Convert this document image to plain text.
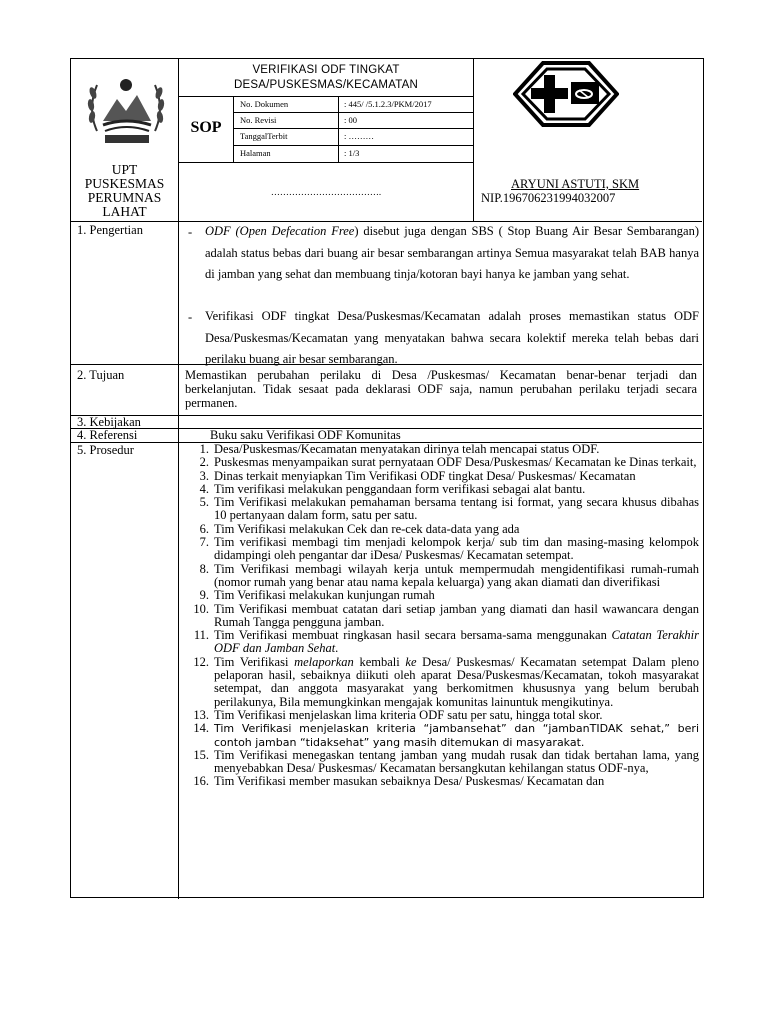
UPT
PUSKESMAS
PERUMNAS
LAHAT
VERIFIKASI ODF TINGKAT
DESA/PUSKESMAS/KECAMATAN
SOP
No. Dokumen	: 445/ /5.1.2.3/PKM/2017
No. Revisi	: 00
TanggalTerbit	: ………
Halaman	: 1/3
……………………………….
ARYUNI ASTUTI, SKM
NIP.196706231994032007
1. Pengertian	- ODF (Open Defecation Free) disebut juga dengan SBS ( Stop Buang Air Besar Sembarangan) adalah status bebas dari buang air besar sembarangan artinya Semua masyarakat telah BAB hanya di jamban yang sehat dan membuang tinja/kotoran bayi hanya ke jamban yang sehat.
- Verifikasi ODF tingkat Desa/Puskesmas/Kecamatan adalah proses memastikan status ODF Desa/Puskesmas/Kecamatan yang menyatakan bahwa secara kolektif mereka telah bebas dari perilaku buang air besar sembarangan.
2. Tujuan	Memastikan perubahan perilaku di Desa /Puskesmas/ Kecamatan benar-benar terjadi dan berkelanjutan. Tidak sesaat pada deklarasi ODF saja, namun perubahan perilaku terjadi secara permanen.
3. Kebijakan
4. Referensi	Buku saku Verifikasi ODF Komunitas
5. Prosedur	1. Desa/Puskesmas/Kecamatan menyatakan dirinya telah mencapai status ODF.
2. Puskesmas menyampaikan surat pernyataan ODF Desa/Puskesmas/ Kecamatan ke Dinas terkait,
3. Dinas terkait menyiapkan Tim Verifikasi ODF tingkat Desa/ Puskesmas/ Kecamatan
4. Tim verifikasi melakukan penggandaan form verifikasi sebagai alat bantu.
5. Tim Verifikasi melakukan pemahaman bersama tentang isi format, yang secara khusus dibahas 10 pertanyaan dalam form, satu per satu.
6. Tim Verifikasi melakukan Cek dan re-cek data-data yang ada
7. Tim verifikasi membagi tim menjadi kelompok kerja/ sub tim dan masing-masing kelompok didampingi oleh pengantar dar iDesa/ Puskesmas/ Kecamatan setempat.
8. Tim Verifikasi membagi wilayah kerja untuk mempermudah mengidentifikasi rumah-rumah (nomor rumah yang benar atau nama kepala keluarga) yang akan diamati dan diverifikasi
9. Tim Verifikasi melakukan kunjungan rumah
10. Tim Verifikasi membuat catatan dari setiap jamban yang diamati dan hasil wawancara dengan Rumah Tangga pengguna jamban.
11. Tim Verifikasi membuat ringkasan hasil secara bersama-sama menggunakan Catatan Terakhir ODF dan Jamban Sehat.
12. Tim Verifikasi melaporkan kembali ke Desa/ Puskesmas/ Kecamatan setempat Dalam pleno pelaporan hasil, sebaiknya diikuti oleh aparat Desa/Puskesmas/Kecamatan, tokoh masyarakat setempat, dan anggota masyarakat yang berkomitmen khususnya yang belum berubah perilakunya, Bila memungkinkan mengajak komunitas lainuntuk mengikutinya.
13. Tim Verifikasi menjelaskan lima kriteria ODF satu per satu, hingga total skor.
14. Tim Verifikasi menjelaskan kriteria “jambansehat” dan “jambanTIDAK sehat,” beri contoh jamban “tidaksehat” yang masih ditemukan di masyarakat.
15. Tim Verifikasi menegaskan tentang jamban yang mudah rusak dan tidak bertahan lama, yang menyebabkan Desa/ Puskesmas/ Kecamatan bersangkutan kehilangan status ODF-nya,
16. Tim Verifikasi member masukan sebaiknya Desa/ Puskesmas/ Kecamatan dan
